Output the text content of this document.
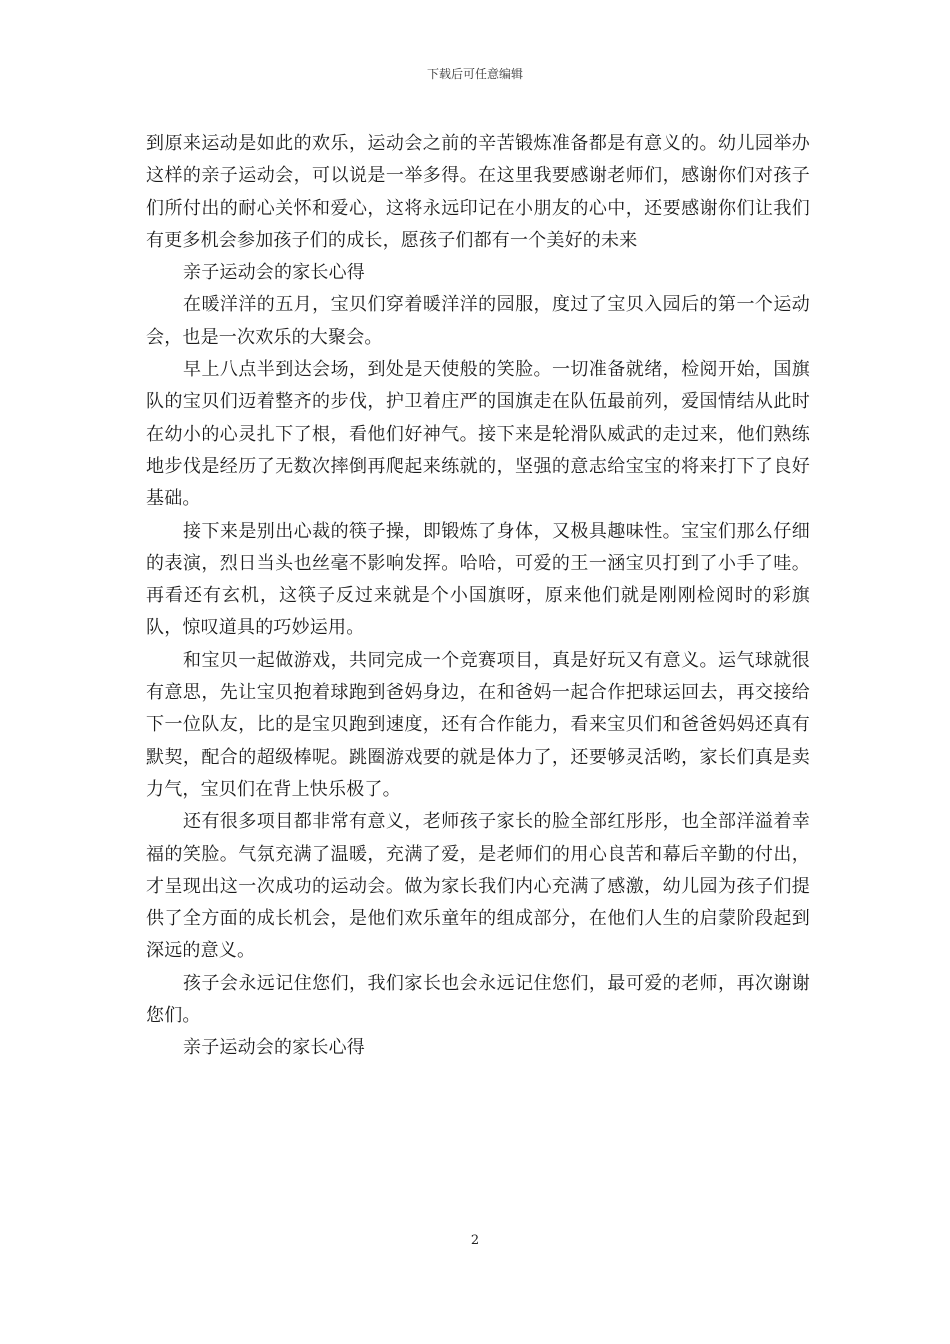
下载后可任意编辑

到原来运动是如此的欢乐，运动会之前的辛苦锻炼准备都是有意义的。幼儿园举办这样的亲子运动会，可以说是一举多得。在这里我要感谢老师们，感谢你们对孩子们所付出的耐心关怀和爱心，这将永远印记在小朋友的心中，还要感谢你们让我们有更多机会参加孩子们的成长，愿孩子们都有一个美好的未来

亲子运动会的家长心得

在暖洋洋的五月，宝贝们穿着暖洋洋的园服，度过了宝贝入园后的第一个运动会，也是一次欢乐的大聚会。

早上八点半到达会场，到处是天使般的笑脸。一切准备就绪，检阅开始，国旗队的宝贝们迈着整齐的步伐，护卫着庄严的国旗走在队伍最前列，爱国情结从此时在幼小的心灵扎下了根，看他们好神气。接下来是轮滑队威武的走过来，他们熟练地步伐是经历了无数次摔倒再爬起来练就的，坚强的意志给宝宝的将来打下了良好基础。

接下来是别出心裁的筷子操，即锻炼了身体，又极具趣味性。宝宝们那么仔细的表演，烈日当头也丝毫不影响发挥。哈哈，可爱的王一涵宝贝打到了小手了哇。再看还有玄机，这筷子反过来就是个小国旗呀，原来他们就是刚刚检阅时的彩旗队，惊叹道具的巧妙运用。

和宝贝一起做游戏，共同完成一个竞赛项目，真是好玩又有意义。运气球就很有意思，先让宝贝抱着球跑到爸妈身边，在和爸妈一起合作把球运回去，再交接给下一位队友，比的是宝贝跑到速度，还有合作能力，看来宝贝们和爸爸妈妈还真有默契，配合的超级棒呢。跳圈游戏要的就是体力了，还要够灵活哟，家长们真是卖力气，宝贝们在背上快乐极了。

还有很多项目都非常有意义，老师孩子家长的脸全部红彤彤，也全部洋溢着幸福的笑脸。气氛充满了温暖，充满了爱，是老师们的用心良苦和幕后辛勤的付出，才呈现出这一次成功的运动会。做为家长我们内心充满了感激，幼儿园为孩子们提供了全方面的成长机会，是他们欢乐童年的组成部分，在他们人生的启蒙阶段起到深远的意义。

孩子会永远记住您们，我们家长也会永远记住您们，最可爱的老师，再次谢谢您们。

亲子运动会的家长心得

2
